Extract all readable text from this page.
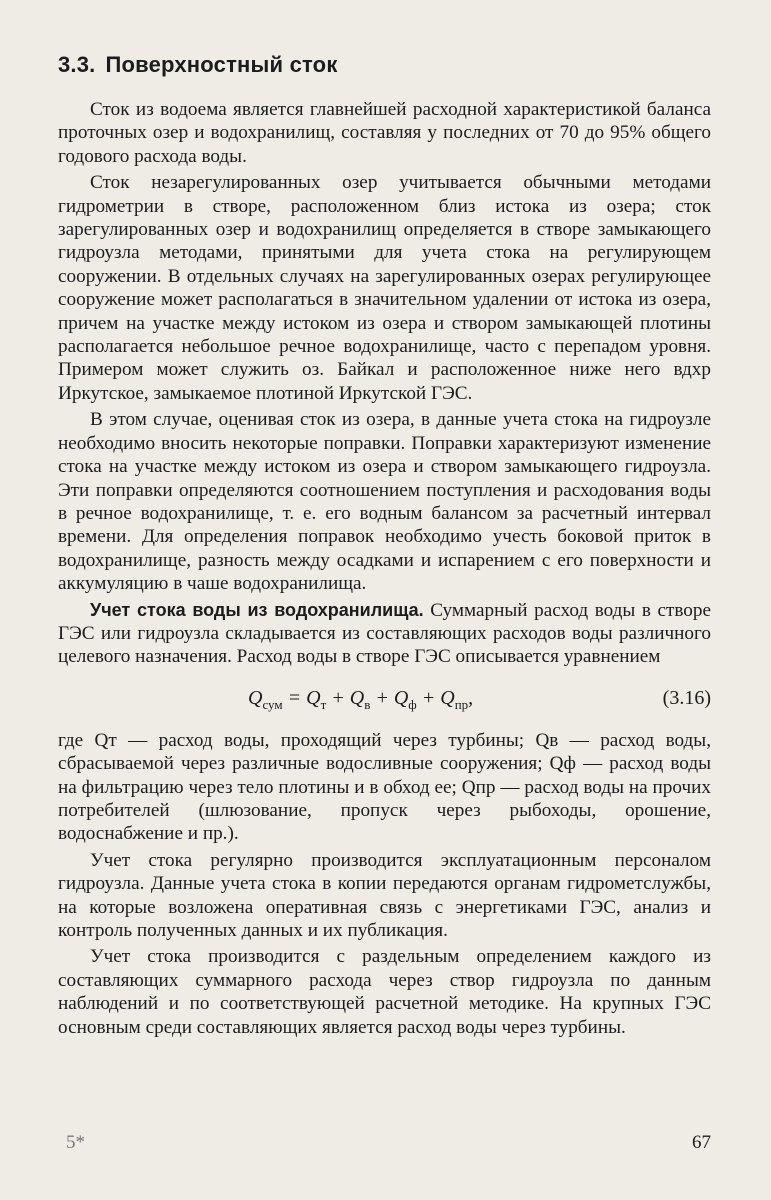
3.3. Поверхностный сток

Сток из водоема является главнейшей расходной характеристикой баланса проточных озер и водохранилищ, составляя у последних от 70 до 95% общего годового расхода воды.

Сток незарегулированных озер учитывается обычными методами гидрометрии в створе, расположенном близ истока из озера; сток зарегулированных озер и водохранилищ определяется в створе замыкающего гидроузла методами, принятыми для учета стока на регулирующем сооружении. В отдельных случаях на зарегулированных озерах регулирующее сооружение может располагаться в значительном удалении от истока из озера, причем на участке между истоком из озера и створом замыкающей плотины располагается небольшое речное водохранилище, часто с перепадом уровня. Примером может служить оз. Байкал и расположенное ниже него вдхр Иркутское, замыкаемое плотиной Иркутской ГЭС.

В этом случае, оценивая сток из озера, в данные учета стока на гидроузле необходимо вносить некоторые поправки. Поправки характеризуют изменение стока на участке между истоком из озера и створом замыкающего гидроузла. Эти поправки определяются соотношением поступления и расходования воды в речное водохранилище, т. е. его водным балансом за расчетный интервал времени. Для определения поправок необходимо учесть боковой приток в водохранилище, разность между осадками и испарением с его поверхности и аккумуляцию в чаше водохранилища.

Учет стока воды из водохранилища. Суммарный расход воды в створе ГЭС или гидроузла складывается из составляющих расходов воды различного целевого назначения. Расход воды в створе ГЭС описывается уравнением

$Q_{сум} = Q_т + Q_в + Q_ф + Q_{пр}$,	(3.16)

где Qт — расход воды, проходящий через турбины; Qв — расход воды, сбрасываемой через различные водосливные сооружения; Qф — расход воды на фильтрацию через тело плотины и в обход ее; Qпр — расход воды на прочих потребителей (шлюзование, пропуск через рыбоходы, орошение, водоснабжение и пр.).

Учет стока регулярно производится эксплуатационным персоналом гидроузла. Данные учета стока в копии передаются органам гидрометслужбы, на которые возложена оперативная связь с энергетиками ГЭС, анализ и контроль полученных данных и их публикация.

Учет стока производится с раздельным определением каждого из составляющих суммарного расхода через створ гидроузла по данным наблюдений и по соответствующей расчетной методике. На крупных ГЭС основным среди составляющих является расход воды через турбины.

5*	67
